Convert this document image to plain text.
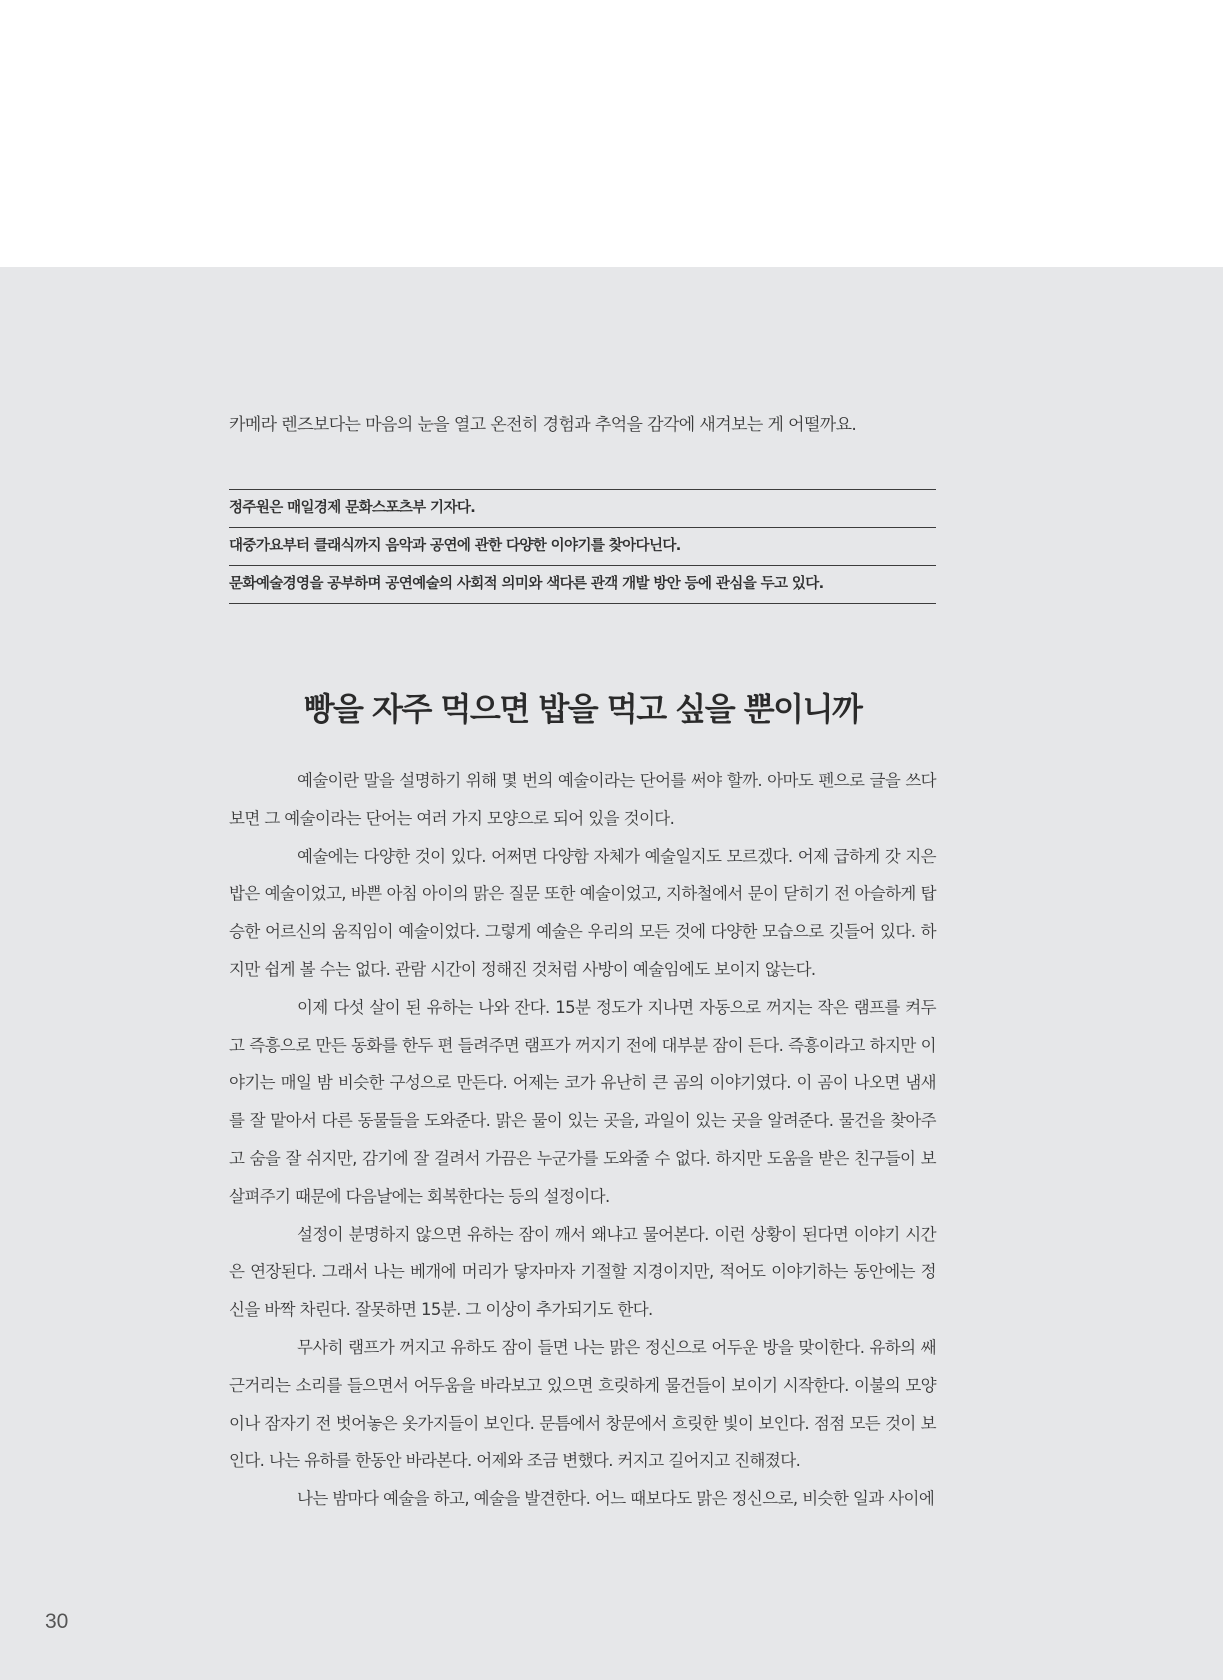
카메라 렌즈보다는 마음의 눈을 열고 온전히 경험과 추억을 감각에 새겨보는 게 어떨까요.
정주원은 매일경제 문화스포츠부 기자다.
대중가요부터 클래식까지 음악과 공연에 관한 다양한 이야기를 찾아다닌다.
문화예술경영을 공부하며 공연예술의 사회적 의미와 색다른 관객 개발 방안 등에 관심을 두고 있다.
빵을 자주 먹으면 밥을 먹고 싶을 뿐이니까

예술이란 말을 설명하기 위해 몇 번의 예술이라는 단어를 써야 할까. 아마도 펜으로 글을 쓰다보면 그 예술이라는 단어는 여러 가지 모양으로 되어 있을 것이다.

예술에는 다양한 것이 있다. 어쩌면 다양함 자체가 예술일지도 모르겠다. 어제 급하게 갓 지은 밥은 예술이었고, 바쁜 아침 아이의 맑은 질문 또한 예술이었고, 지하철에서 문이 닫히기 전 아슬하게 탑승한 어르신의 움직임이 예술이었다. 그렇게 예술은 우리의 모든 것에 다양한 모습으로 깃들어 있다. 하지만 쉽게 볼 수는 없다. 관람 시간이 정해진 것처럼 사방이 예술임에도 보이지 않는다.

이제 다섯 살이 된 유하는 나와 잔다. 15분 정도가 지나면 자동으로 꺼지는 작은 램프를 켜두고 즉흥으로 만든 동화를 한두 편 들려주면 램프가 꺼지기 전에 대부분 잠이 든다. 즉흥이라고 하지만 이야기는 매일 밤 비슷한 구성으로 만든다. 어제는 코가 유난히 큰 곰의 이야기였다. 이 곰이 나오면 냄새를 잘 맡아서 다른 동물들을 도와준다. 맑은 물이 있는 곳을, 과일이 있는 곳을 알려준다. 물건을 찾아주고 숨을 잘 쉬지만, 감기에 잘 걸려서 가끔은 누군가를 도와줄 수 없다. 하지만 도움을 받은 친구들이 보살펴주기 때문에 다음날에는 회복한다는 등의 설정이다.

설정이 분명하지 않으면 유하는 잠이 깨서 왜냐고 물어본다. 이런 상황이 된다면 이야기 시간은 연장된다. 그래서 나는 베개에 머리가 닿자마자 기절할 지경이지만, 적어도 이야기하는 동안에는 정신을 바짝 차린다. 잘못하면 15분. 그 이상이 추가되기도 한다.

무사히 램프가 꺼지고 유하도 잠이 들면 나는 맑은 정신으로 어두운 방을 맞이한다. 유하의 쌔근거리는 소리를 들으면서 어두움을 바라보고 있으면 흐릿하게 물건들이 보이기 시작한다. 이불의 모양이나 잠자기 전 벗어놓은 옷가지들이 보인다. 문틈에서 창문에서 흐릿한 빛이 보인다. 점점 모든 것이 보인다. 나는 유하를 한동안 바라본다. 어제와 조금 변했다. 커지고 길어지고 진해졌다.

나는 밤마다 예술을 하고, 예술을 발견한다. 어느 때보다도 맑은 정신으로, 비슷한 일과 사이에

30
